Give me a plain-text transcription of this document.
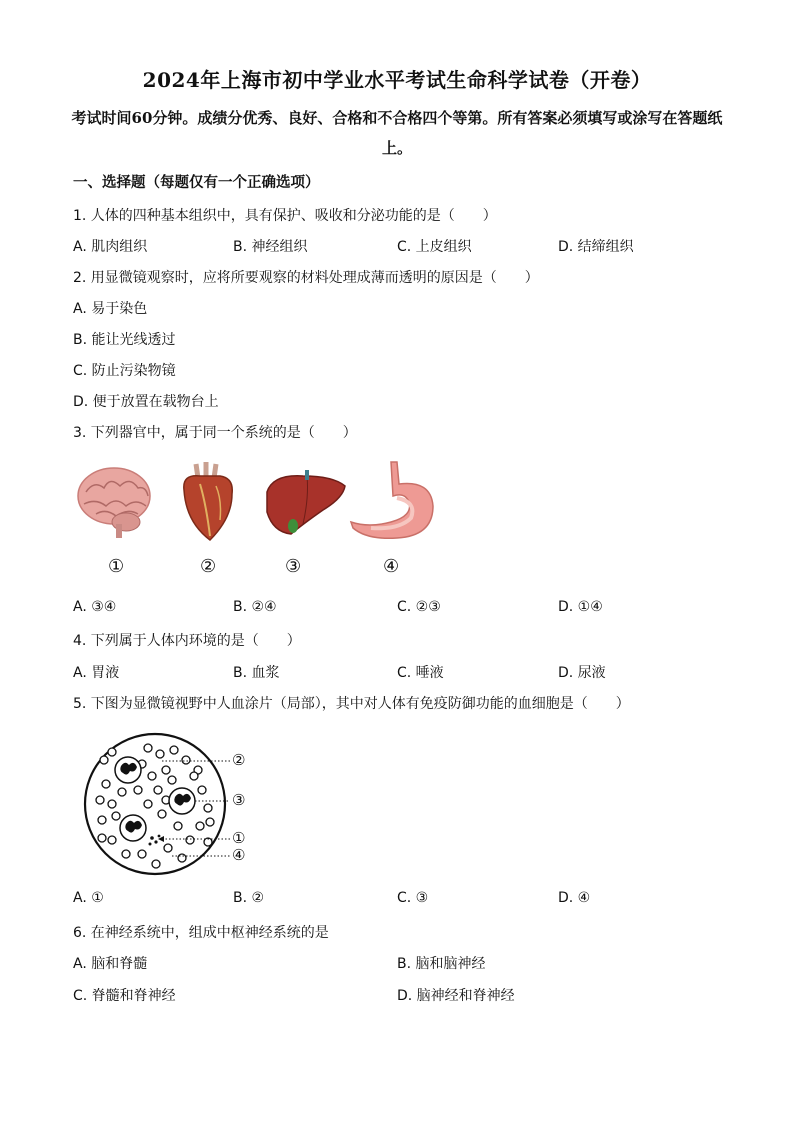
2024年上海市初中学业水平考试生命科学试卷（开卷）
考试时间60分钟。成绩分优秀、良好、合格和不合格四个等第。所有答案必须填写或涂写在答题纸上。
一、选择题（每题仅有一个正确选项）
1. 人体的四种基本组织中，具有保护、吸收和分泌功能的是（　　）
A. 肌肉组织	B. 神经组织	C. 上皮组织	D. 结缔组织
2. 用显微镜观察时，应将所要观察的材料处理成薄而透明的原因是（　　）
A. 易于染色
B. 能让光线透过
C. 防止污染物镜
D. 便于放置在载物台上
3. 下列器官中，属于同一个系统的是（　　）
①	②	③	④
A. ③④	B. ②④	C. ②③	D. ①④
4. 下列属于人体内环境的是（　　）
A. 胃液	B. 血浆	C. 唾液	D. 尿液
5. 下图为显微镜视野中人血涂片（局部），其中对人体有免疫防御功能的血细胞是（　　）
②
③
①
④
A. ①	B. ②	C. ③	D. ④
6. 在神经系统中，组成中枢神经系统的是
A. 脑和脊髓	B. 脑和脑神经
C. 脊髓和脊神经	D. 脑神经和脊神经
